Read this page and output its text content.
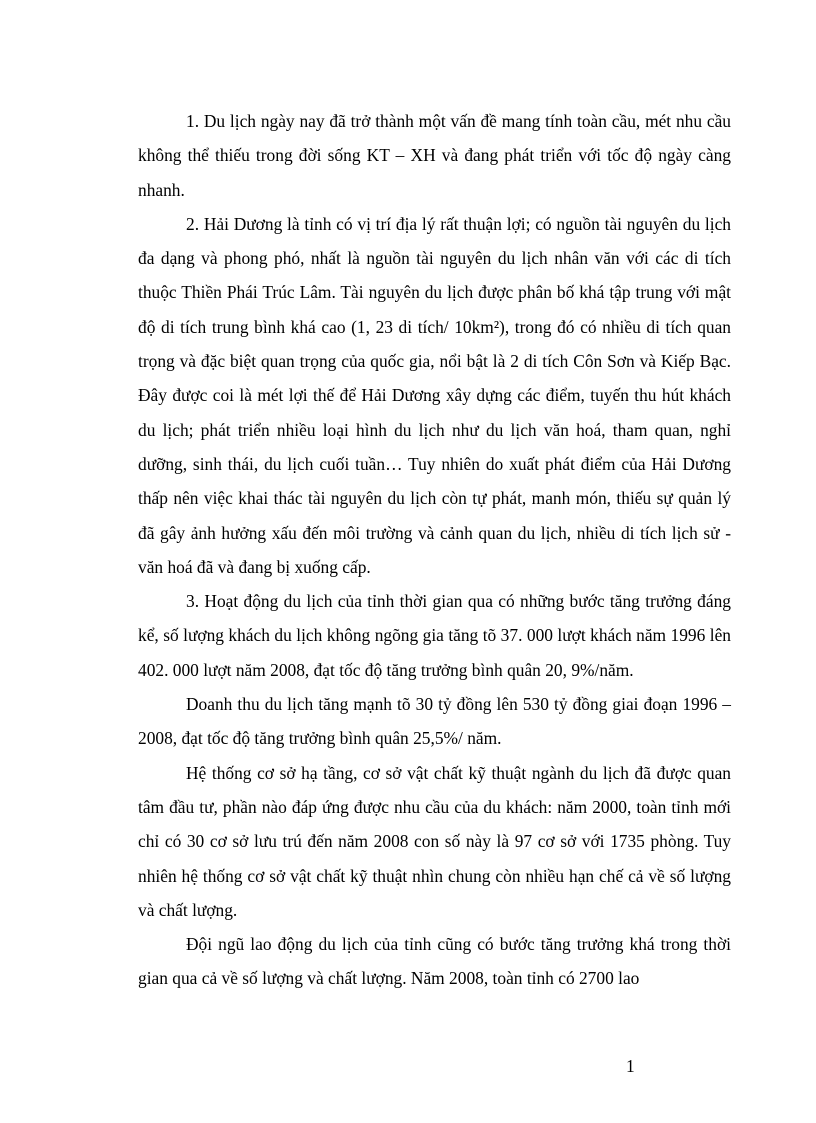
1. Du lịch ngày nay đã trở thành một vấn đề mang tính toàn cầu, mét nhu cầu không thể thiếu trong đời sống KT – XH và đang phát triển với tốc độ ngày càng nhanh.

2. Hải Dương là tỉnh có vị trí địa lý rất thuận lợi; có nguồn tài nguyên du lịch đa dạng và phong phó, nhất là nguồn tài nguyên du lịch nhân văn với các di tích thuộc Thiền Phái Trúc Lâm. Tài nguyên du lịch được phân bố khá tập trung với mật độ di tích trung bình khá cao (1, 23 di tích/ 10km²), trong đó có nhiều di tích quan trọng và đặc biệt quan trọng của quốc gia, nổi bật là 2 di tích Côn Sơn và Kiếp Bạc. Đây được coi là mét lợi thế để Hải Dương xây dựng các điểm, tuyến thu hút khách du lịch; phát triển nhiều loại hình du lịch như du lịch văn hoá, tham quan, nghỉ dưỡng, sinh thái, du lịch cuối tuần… Tuy nhiên do xuất phát điểm của Hải Dương thấp nên việc khai thác tài nguyên du lịch còn tự phát, manh món, thiếu sự quản lý đã gây ảnh hưởng xấu đến môi trường và cảnh quan du lịch, nhiều di tích lịch sử - văn hoá đã và đang bị xuống cấp.

3. Hoạt động du lịch của tỉnh thời gian qua có những bước tăng trưởng đáng kể, số lượng khách du lịch không ngõng gia tăng tõ 37. 000 lượt khách năm 1996 lên 402. 000 lượt năm 2008, đạt tốc độ tăng trưởng bình quân 20, 9%/năm.

Doanh thu du lịch tăng mạnh tõ 30 tỷ đồng lên 530 tỷ đồng giai đoạn 1996 – 2008, đạt tốc độ tăng trưởng bình quân 25,5%/ năm.

Hệ thống cơ sở hạ tầng, cơ sở vật chất kỹ thuật ngành du lịch đã được quan tâm đầu tư, phần nào đáp ứng được nhu cầu của du khách: năm 2000, toàn tỉnh mới chỉ có 30 cơ sở lưu trú đến năm 2008 con số này là 97 cơ sở với 1735 phòng. Tuy nhiên hệ thống cơ sở vật chất kỹ thuật nhìn chung còn nhiều hạn chế cả về số lượng và chất lượng.

Đội ngũ lao động du lịch của tỉnh cũng có bước tăng trưởng khá trong thời gian qua cả về số lượng và chất lượng. Năm 2008, toàn tỉnh có 2700 lao

1
